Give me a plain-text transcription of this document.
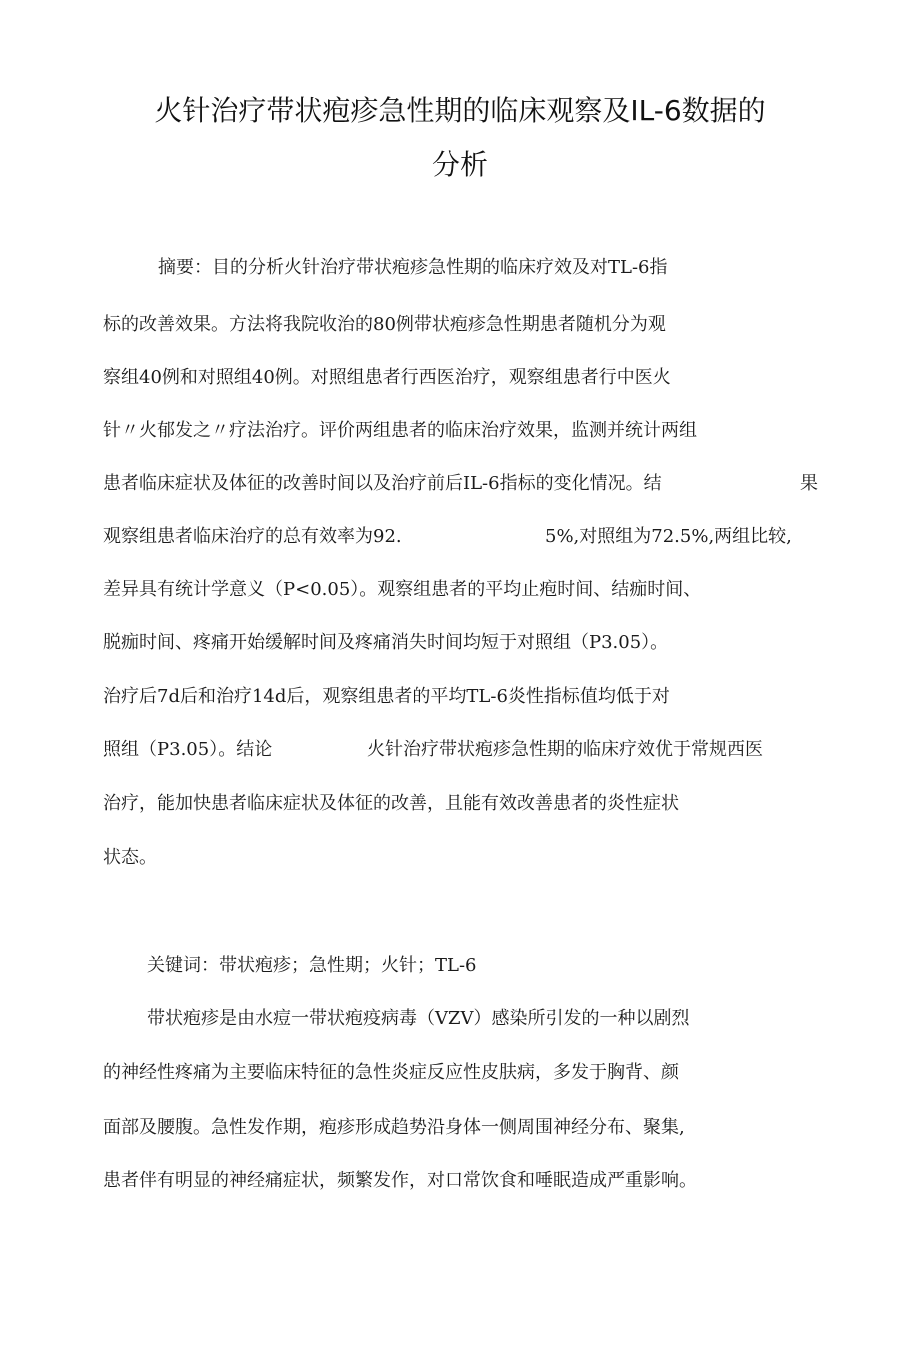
火针治疗带状疱疹急性期的临床观察及IL-6数据的
分析
摘要：目的分析火针治疗带状疱疹急性期的临床疗效及对TL-6指
标的改善效果。方法将我院收治的80例带状疱疹急性期患者随机分为观
察组40例和对照组40例。对照组患者行西医治疗，观察组患者行中医火
针〃火郁发之〃疗法治疗。评价两组患者的临床治疗效果，监测并统计两组
患者临床症状及体征的改善时间以及治疗前后IL-6指标的变化情况。结	果
观察组患者临床治疗的总有效率为92.	5%,对照组为72.5%,两组比较,
差异具有统计学意义（P<0.05）。观察组患者的平均止疱时间、结痂时间、
脱痂时间、疼痛开始缓解时间及疼痛消失时间均短于对照组（P3.05）。
治疗后7d后和治疗14d后，观察组患者的平均TL-6炎性指标值均低于对
照组（P3.05）。结论	火针治疗带状疱疹急性期的临床疗效优于常规西医
治疗，能加快患者临床症状及体征的改善，且能有效改善患者的炎性症状
状态。
关键词：带状疱疹；急性期；火针；TL-6
带状疱疹是由水痘一带状疱疫病毒（VZV）感染所引发的一种以剧烈
的神经性疼痛为主要临床特征的急性炎症反应性皮肤病，多发于胸背、颜
面部及腰腹。急性发作期，疱疹形成趋势沿身体一侧周围神经分布、聚集,
患者伴有明显的神经痛症状，频繁发作，对口常饮食和唾眠造成严重影响。
